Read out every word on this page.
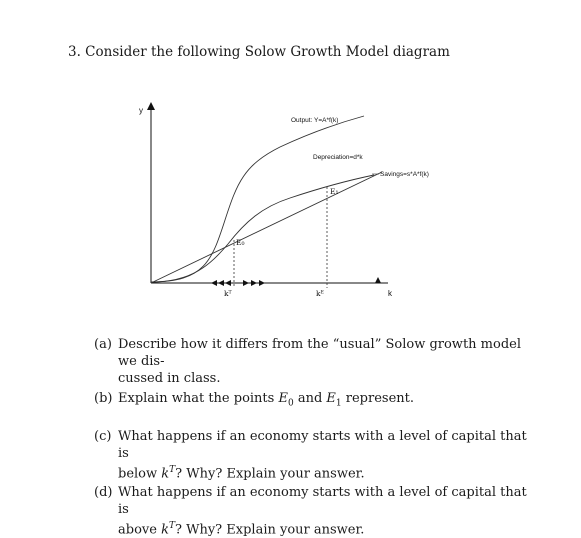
3. Consider the following Solow Growth Model diagram
y
k
Output: Y=A*f(k)
Depreciation=d*k
Savings=s*A*f(k)
E₀
E₁
kᵀ	kᴱ
(a) Describe how it differs from the “usual” Solow growth model we dis-
cussed in class.
(b) Explain what the points $E_0$ and $E_1$ represent.
(c) What happens if an economy starts with a level of capital that is
below $k^T$? Why? Explain your answer.
(d) What happens if an economy starts with a level of capital that is
above $k^T$? Why? Explain your answer.
